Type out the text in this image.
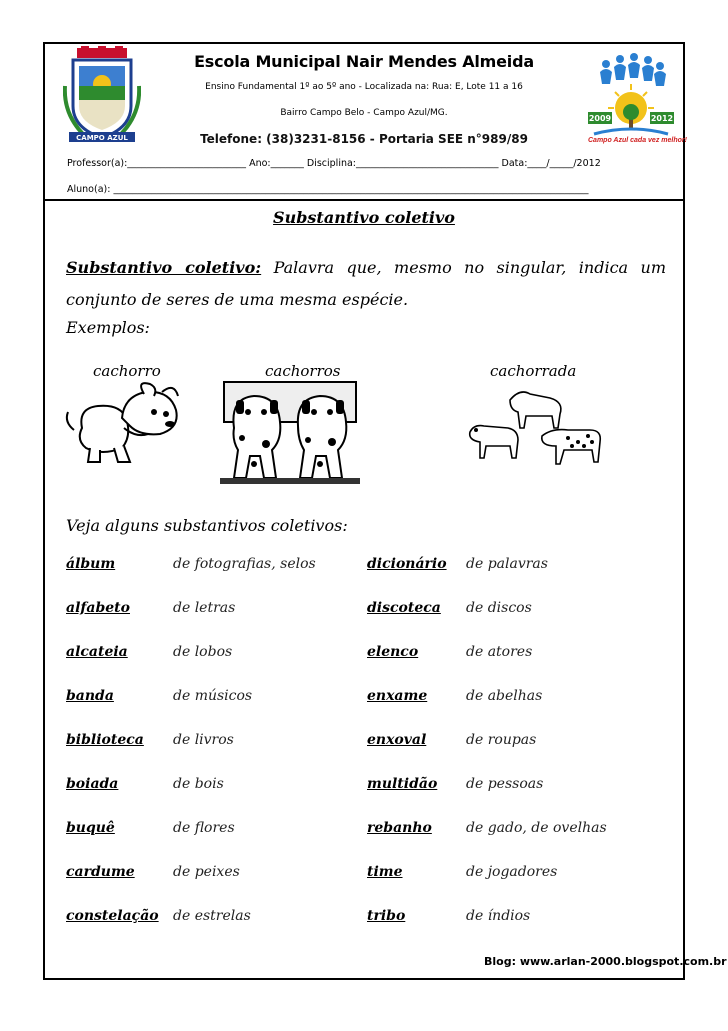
Escola Municipal Nair Mendes Almeida
Ensino Fundamental 1º ao 5º ano - Localizada na: Rua: E, Lote 11 a 16
Bairro Campo Belo - Campo Azul/MG.
Telefone: (38)3231-8156 - Portaria SEE n°989/89
Professor(a):_________________________ Ano:_______ Disciplina:______________________________ Data:____/_____/2012
Aluno(a): ____________________________________________________________________________________________________
CAMPO AZUL
2009	2012
Campo Azul cada vez melhor!
Substantivo coletivo
Substantivo coletivo: Palavra que, mesmo no singular, indica um conjunto de seres de uma mesma espécie.
Exemplos:
cachorro	cachorros	cachorrada
Veja alguns substantivos coletivos:
álbum	de fotografias, selos	dicionário de palavras
alfabeto	de letras	discoteca de discos
alcateia	de lobos	elenco	de atores
banda	de músicos	enxame	de abelhas
biblioteca de livros	enxoval	de roupas
boiada	de bois	multidão de pessoas
buquê	de flores	rebanho de gado, de ovelhas
cardume	de peixes	time	de jogadores
constelação de estrelas	tribo	de índios
Blog: www.arlan-2000.blogspot.com.br
